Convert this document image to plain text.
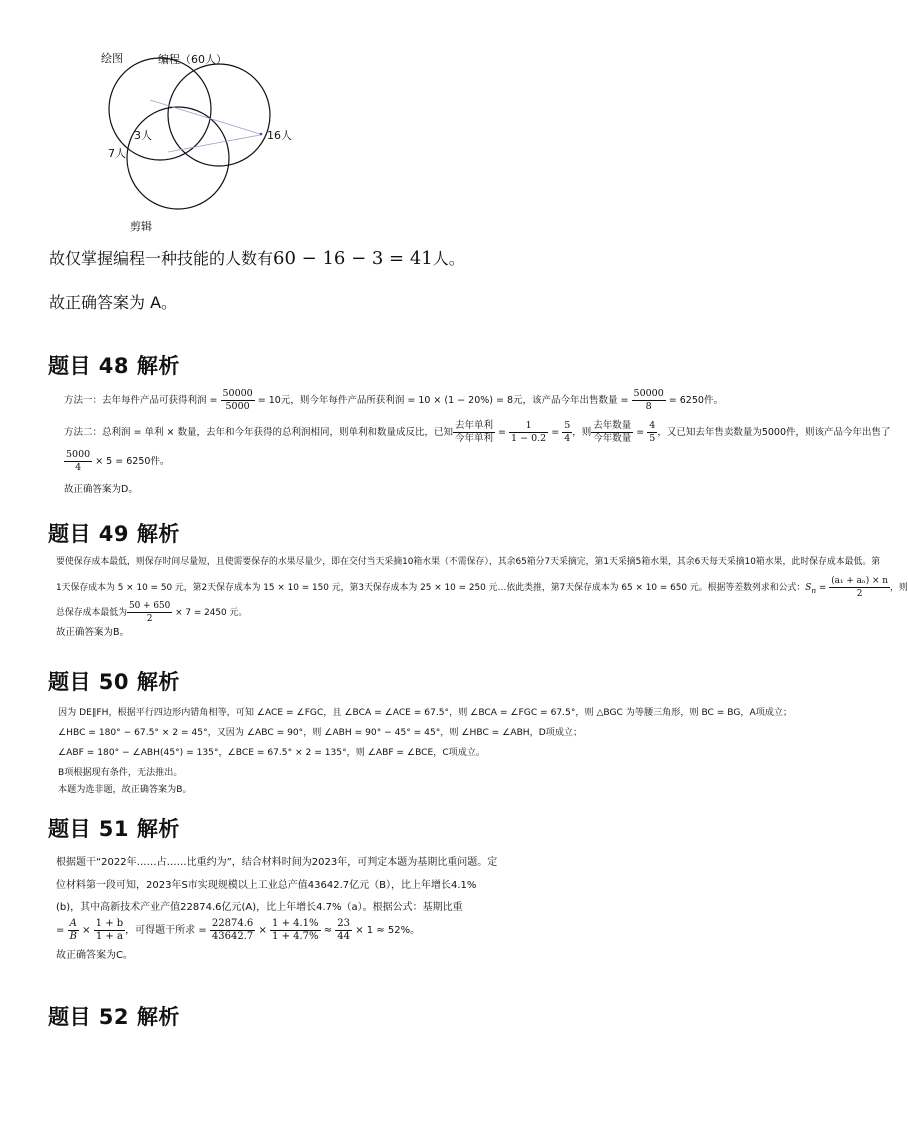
绘图	编程（60人）
3人
7人
16人
剪辑
故仅掌握编程一种技能的人数有60 − 16 − 3 = 41人。
故正确答案为 A。
题目 48 解析
方法一：去年每件产品可获得利润 = $\frac{50000}{5000} = 10$元，则今年每件产品所获利润 = 10 × (1 − 20%) = 8元，该产品今年出售数量 = $\frac{50000}{8} = 6250$件。
方法二：总利润 = 单利 × 数量，去年和今年获得的总利润相同，则单利和数量成反比，已知 $\frac{\text{去年单利}}{\text{今年单利}} = \frac{1}{1 - 0.2} = \frac{5}{4}$ ，则 $\frac{\text{去年数量}}{\text{今年数量}} = \frac{4}{5}$ ，又已知去年售卖数量为5000件，则该产品今年出售了
$\frac{5000}{4} \times 5 = 6250$件。
故正确答案为D。
题目 49 解析
要使保存成本最低，则保存时间尽量短，且使需要保存的水果尽量少，即在交付当天采摘10箱水果（不需保存），其余65箱分7天采摘完，第1天采摘5箱水果，其余6天每天采摘10箱水果，此时保存成本最低。第
1天保存成本为 5 × 10 = 50 元，第2天保存成本为 15 × 10 = 150 元，第3天保存成本为 25 × 10 = 250 元…依此类推，第7天保存成本为 65 × 10 = 650 元。根据等差数列求和公式：$S_n = \frac{\text{(a₁ + aₙ) × n}}{2}$ ，则
总保存成本最低为 $\frac{50 + 650}{2} \times 7 = 2450$ 元。
故正确答案为B。
题目 50 解析
因为 DE∥FH，根据平行四边形内错角相等，可知 ∠ACE = ∠FGC，且 ∠BCA = ∠ACE = 67.5°，则 ∠BCA = ∠FGC = 67.5°，则 △BGC 为等腰三角形，则 BC = BG，A项成立；
∠HBC = 180° − 67.5° × 2 = 45°，又因为 ∠ABC = 90°，则 ∠ABH = 90° − 45° = 45°，则 ∠HBC = ∠ABH，D项成立；
∠ABF = 180° − ∠ABH(45°) = 135°，∠BCE = 67.5° × 2 = 135°，则 ∠ABF = ∠BCE，C项成立。
B项根据现有条件，无法推出。
本题为选非题，故正确答案为B。
题目 51 解析
根据题干“2022年……占……比重约为”，结合材料时间为2023年，可判定本题为基期比重问题。定
位材料第一段可知，2023年S市实现规模以上工业总产值43642.7亿元（B），比上年增长4.1%
(b)，其中高新技术产业产值22874.6亿元(A)，比上年增长4.7%（a）。根据公式：基期比重
= $\frac{A}{B} \times \frac{1 + b}{1 + a}$ ，可得题干所求 = $\frac{22874.6}{43642.7} \times \frac{1 + 4.1\%}{1 + 4.7\%} \approx \frac{23}{44} \times 1 \approx 52\%$。
故正确答案为C。
题目 52 解析
